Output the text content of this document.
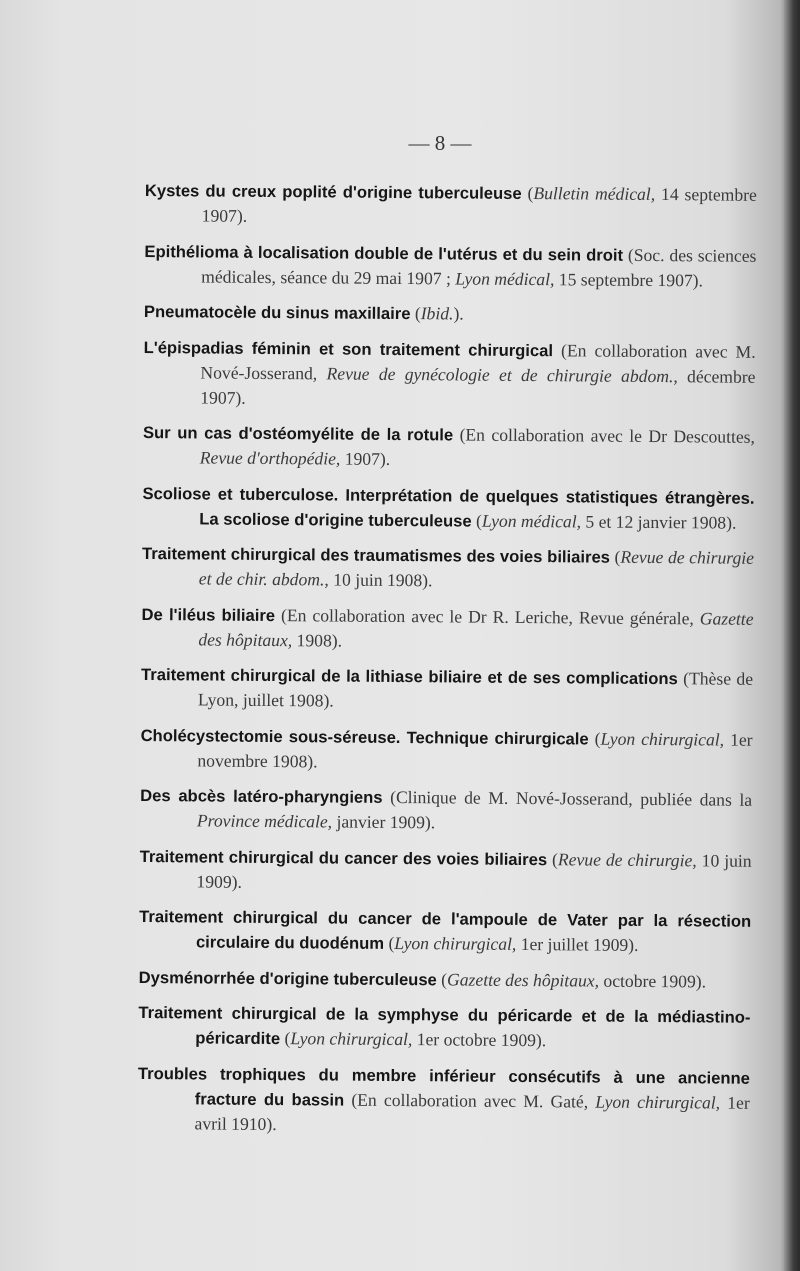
— 8 —

Kystes du creux poplité d'origine tuberculeuse (Bulletin médical, 14 septembre 1907).

Epithélioma à localisation double de l'utérus et du sein droit (Soc. des sciences médicales, séance du 29 mai 1907 ; Lyon médical, 15 septembre 1907).

Pneumatocèle du sinus maxillaire (Ibid.).

L'épispadias féminin et son traitement chirurgical (En collaboration avec M. Nové-Josserand, Revue de gynécologie et de chirurgie abdom., décembre 1907).

Sur un cas d'ostéomyélite de la rotule (En collaboration avec le Dr Descouttes, Revue d'orthopédie, 1907).

Scoliose et tuberculose. Interprétation de quelques statistiques étrangères. La scoliose d'origine tuberculeuse (Lyon médical, 5 et 12 janvier 1908).

Traitement chirurgical des traumatismes des voies biliaires (Revue de chirurgie et de chir. abdom., 10 juin 1908).

De l'iléus biliaire (En collaboration avec le Dr R. Leriche, Revue générale, Gazette des hôpitaux, 1908).

Traitement chirurgical de la lithiase biliaire et de ses complications (Thèse de Lyon, juillet 1908).

Cholécystectomie sous-séreuse. Technique chirurgicale (Lyon chirurgical, 1er novembre 1908).

Des abcès latéro-pharyngiens (Clinique de M. Nové-Josserand, publiée dans la Province médicale, janvier 1909).

Traitement chirurgical du cancer des voies biliaires (Revue de chirurgie, 10 juin 1909).

Traitement chirurgical du cancer de l'ampoule de Vater par la résection circulaire du duodénum (Lyon chirurgical, 1er juillet 1909).

Dysménorrhée d'origine tuberculeuse (Gazette des hôpitaux, octobre 1909).

Traitement chirurgical de la symphyse du péricarde et de la médiastino-péricardite (Lyon chirurgical, 1er octobre 1909).

Troubles trophiques du membre inférieur consécutifs à une ancienne fracture du bassin (En collaboration avec M. Gaté, Lyon chirurgical, 1er avril 1910).
